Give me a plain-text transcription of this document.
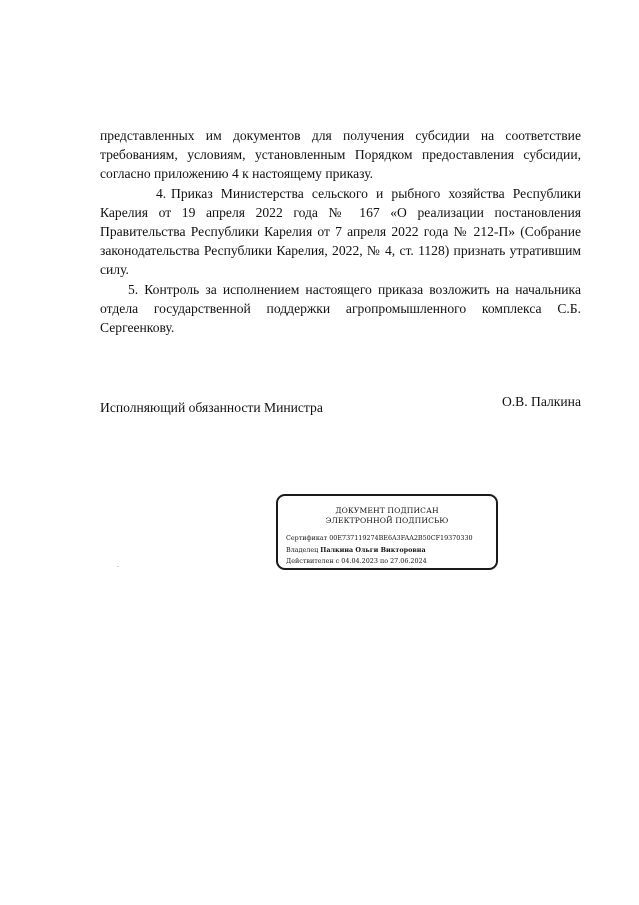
представленных им документов для получения субсидии на соответствие требованиям, условиям, установленным Порядком предоставления субсидии, согласно приложению 4 к настоящему приказу.

4. Приказ Министерства сельского и рыбного хозяйства Республики Карелия от 19 апреля 2022 года № 167 «О реализации постановления Правительства Республики Карелия от 7 апреля 2022 года № 212-П» (Собрание законодательства Республики Карелия, 2022, № 4, ст. 1128) признать утратившим силу.

5. Контроль за исполнением настоящего приказа возложить на начальника отдела государственной поддержки агропромышленного комплекса С.Б. Сергеенкову.

Исполняющий обязанности Министра	О.В. Палкина
ДОКУМЕНТ ПОДПИСАН
ЭЛЕКТРОННОЙ ПОДПИСЬЮ
Сертификат 00E737119274BE6A3FAA2B50CF19370330
Владелец Палкина Ольги Викторовна
Действителен с 04.04.2023 по 27.06.2024
